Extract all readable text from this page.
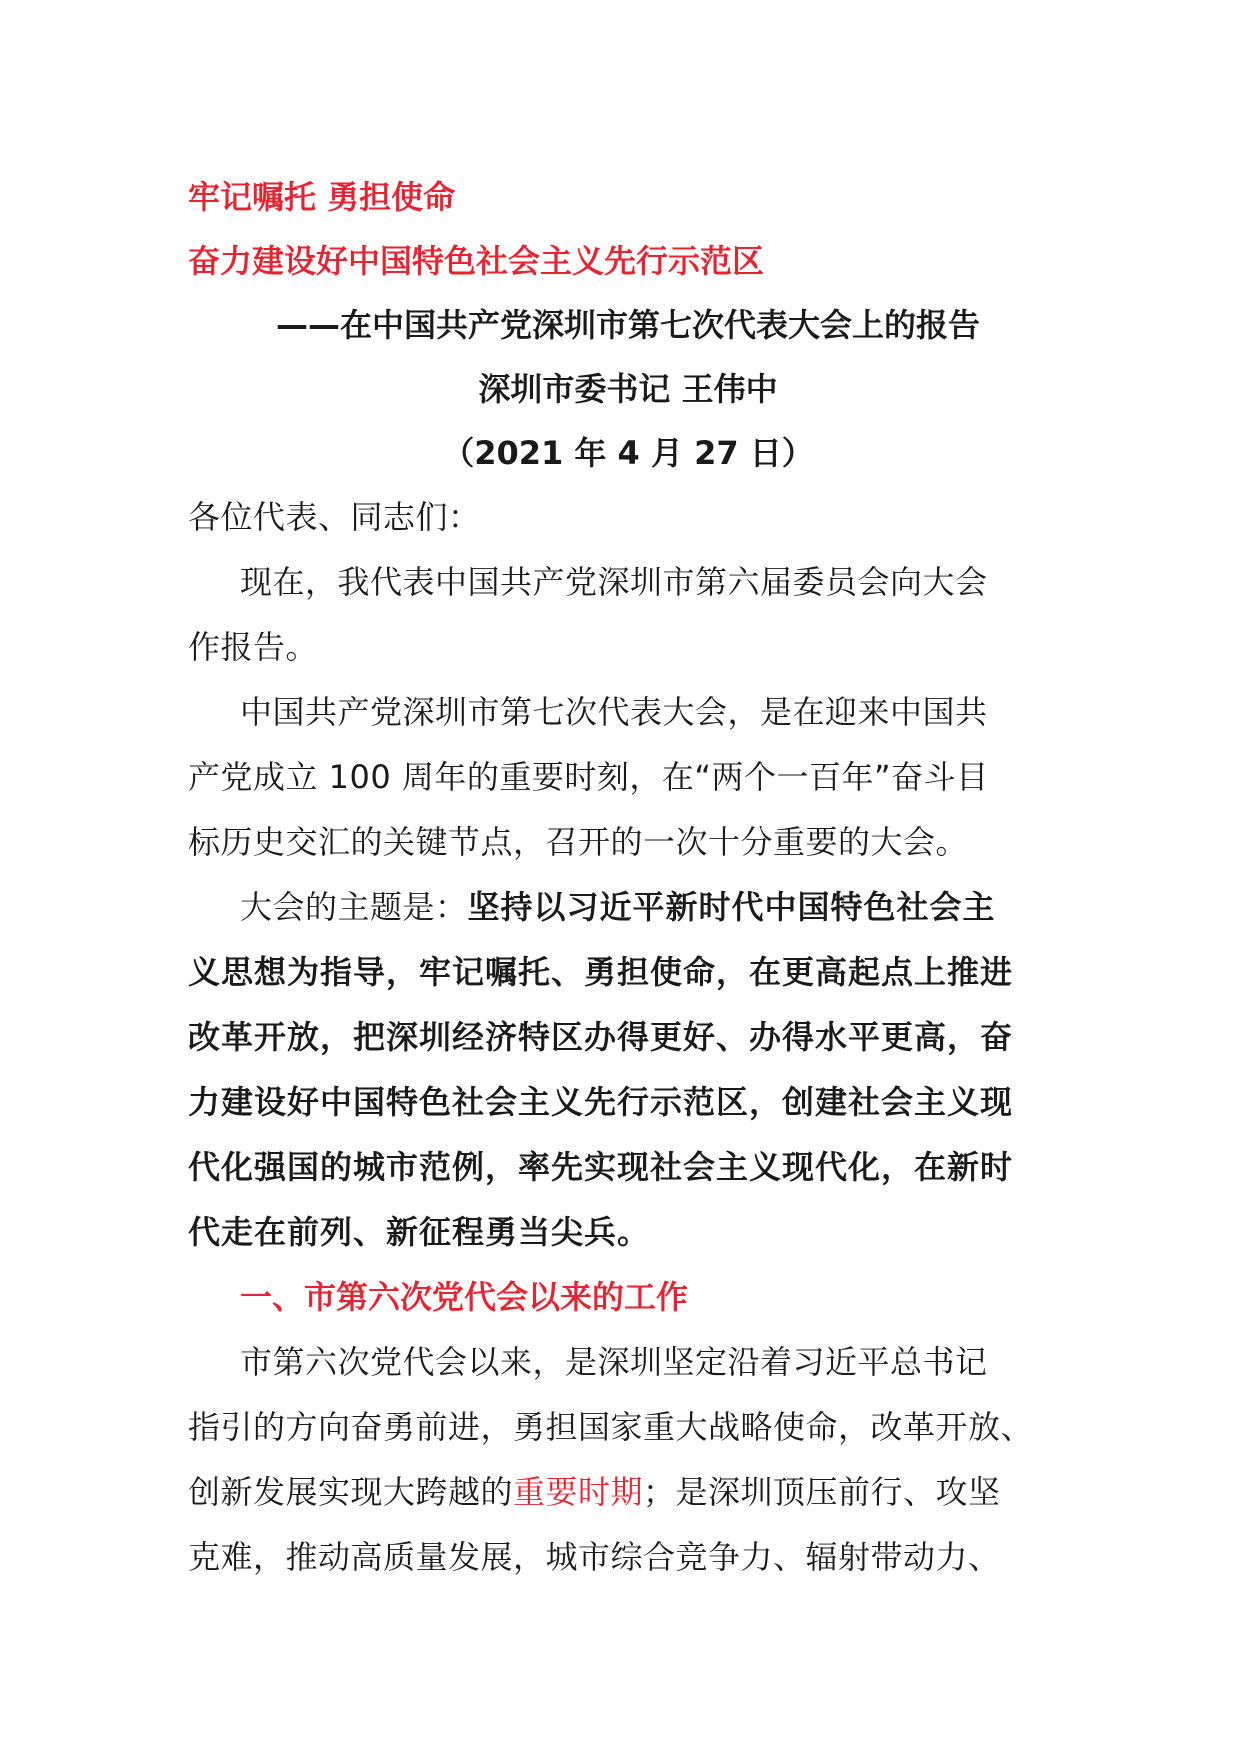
牢记嘱托 勇担使命
奋力建设好中国特色社会主义先行示范区
——在中国共产党深圳市第七次代表大会上的报告
深圳市委书记 王伟中
（2021 年 4 月 27 日）

各位代表、同志们：

现在，我代表中国共产党深圳市第六届委员会向大会
作报告。

中国共产党深圳市第七次代表大会，是在迎来中国共
产党成立 100 周年的重要时刻，在“两个一百年”奋斗目
标历史交汇的关键节点，召开的一次十分重要的大会。

大会的主题是：坚持以习近平新时代中国特色社会主
义思想为指导，牢记嘱托、勇担使命，在更高起点上推进
改革开放，把深圳经济特区办得更好、办得水平更高，奋
力建设好中国特色社会主义先行示范区，创建社会主义现
代化强国的城市范例，率先实现社会主义现代化，在新时
代走在前列、新征程勇当尖兵。

一、市第六次党代会以来的工作

市第六次党代会以来，是深圳坚定沿着习近平总书记
指引的方向奋勇前进，勇担国家重大战略使命，改革开放、
创新发展实现大跨越的重要时期；是深圳顶压前行、攻坚
克难，推动高质量发展，城市综合竞争力、辐射带动力、
